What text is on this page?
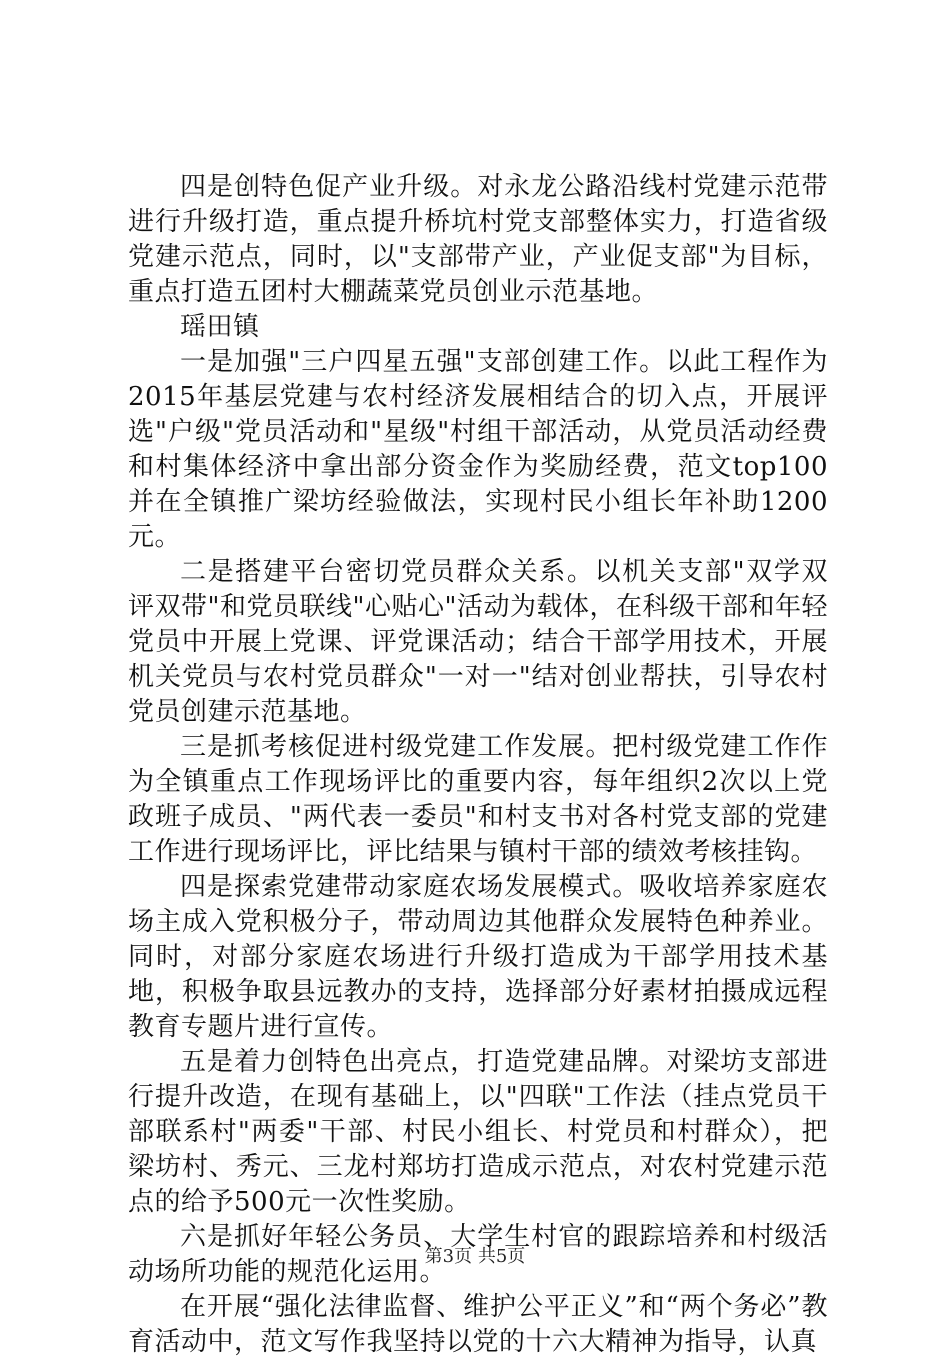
四是创特色促产业升级。对永龙公路沿线村党建示范带进行升级打造，重点提升桥坑村党支部整体实力，打造省级党建示范点，同时，以"支部带产业，产业促支部"为目标，重点打造五团村大棚蔬菜党员创业示范基地。

瑶田镇

一是加强"三户四星五强"支部创建工作。以此工程作为2015年基层党建与农村经济发展相结合的切入点，开展评选"户级"党员活动和"星级"村组干部活动，从党员活动经费和村集体经济中拿出部分资金作为奖励经费，范文top100并在全镇推广梁坊经验做法，实现村民小组长年补助1200元。

二是搭建平台密切党员群众关系。以机关支部"双学双评双带"和党员联线"心贴心"活动为载体，在科级干部和年轻党员中开展上党课、评党课活动；结合干部学用技术，开展机关党员与农村党员群众"一对一"结对创业帮扶，引导农村党员创建示范基地。

三是抓考核促进村级党建工作发展。把村级党建工作作为全镇重点工作现场评比的重要内容，每年组织2次以上党政班子成员、"两代表一委员"和村支书对各村党支部的党建工作进行现场评比，评比结果与镇村干部的绩效考核挂钩。

四是探索党建带动家庭农场发展模式。吸收培养家庭农场主成入党积极分子，带动周边其他群众发展特色种养业。同时，对部分家庭农场进行升级打造成为干部学用技术基地，积极争取县远教办的支持，选择部分好素材拍摄成远程教育专题片进行宣传。

五是着力创特色出亮点，打造党建品牌。对梁坊支部进行提升改造，在现有基础上，以"四联"工作法（挂点党员干部联系村"两委"干部、村民小组长、村党员和村群众），把梁坊村、秀元、三龙村郑坊打造成示范点，对农村党建示范点的给予500元一次性奖励。

六是抓好年轻公务员、大学生村官的跟踪培养和村级活动场所功能的规范化运用。

在开展“强化法律监督、维护公平正义”和“两个务必”教育活动中，范文写作我坚持以党的十六大精神为指导，认真

第3页 共5页
